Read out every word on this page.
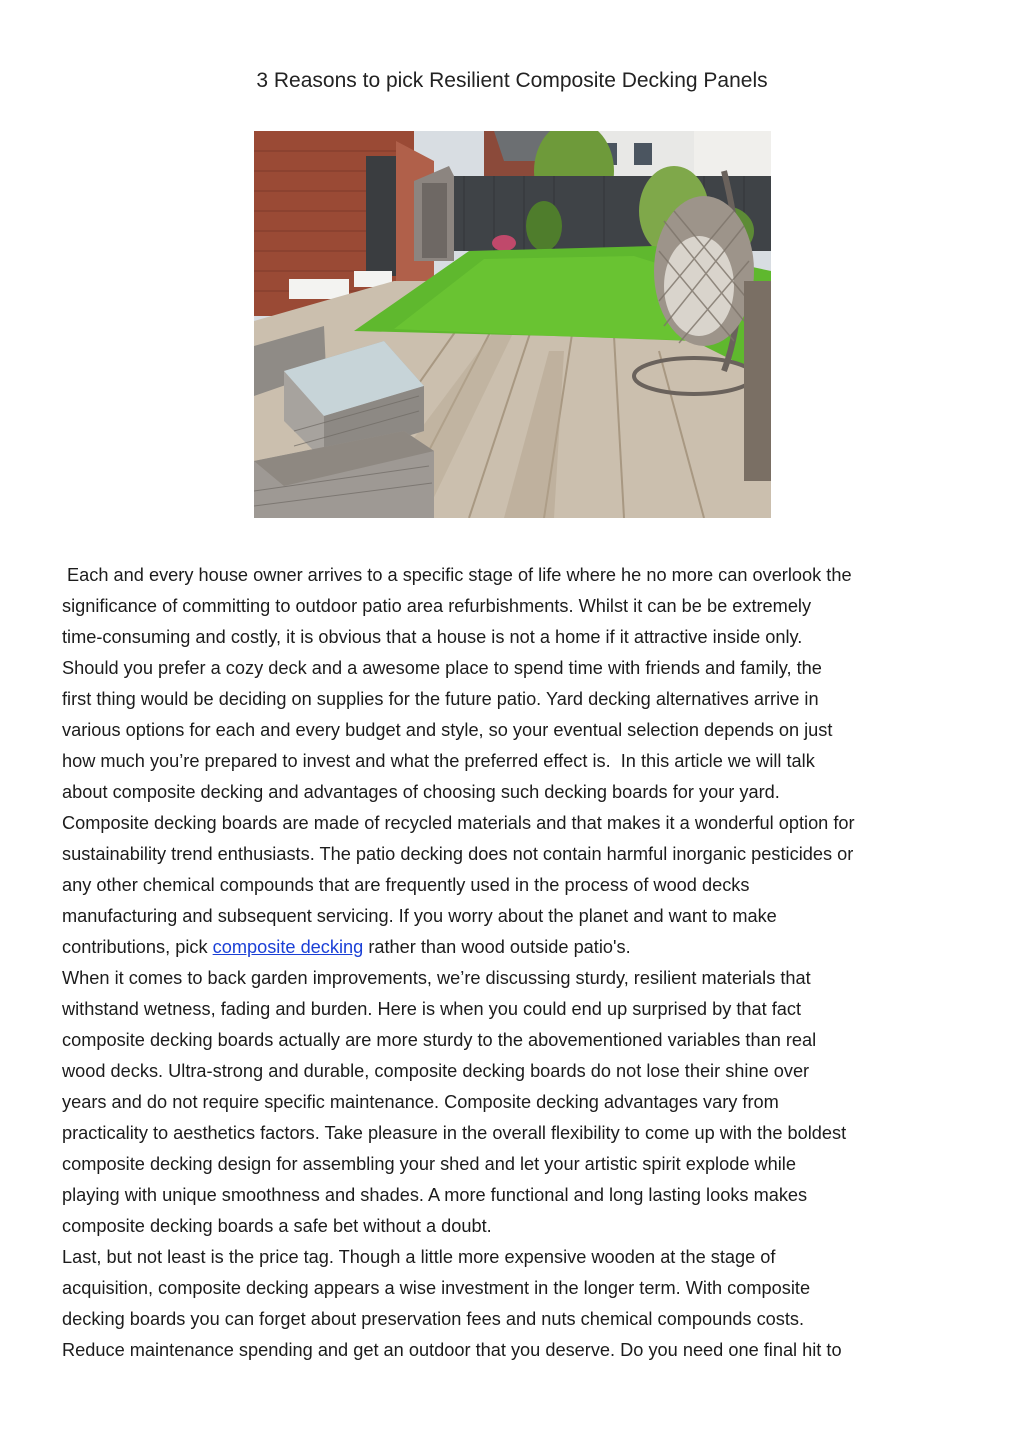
3 Reasons to pick Resilient Composite Decking Panels
Each and every house owner arrives to a specific stage of life where he no more can overlook the
significance of committing to outdoor patio area refurbishments. Whilst it can be be extremely
time-consuming and costly, it is obvious that a house is not a home if it attractive inside only.
Should you prefer a cozy deck and a awesome place to spend time with friends and family, the
first thing would be deciding on supplies for the future patio. Yard decking alternatives arrive in
various options for each and every budget and style, so your eventual selection depends on just
how much you’re prepared to invest and what the preferred effect is.  In this article we will talk
about composite decking and advantages of choosing such decking boards for your yard.
Composite decking boards are made of recycled materials and that makes it a wonderful option for
sustainability trend enthusiasts. The patio decking does not contain harmful inorganic pesticides or
any other chemical compounds that are frequently used in the process of wood decks
manufacturing and subsequent servicing. If you worry about the planet and want to make
contributions, pick composite decking rather than wood outside patio's.
When it comes to back garden improvements, we’re discussing sturdy, resilient materials that
withstand wetness, fading and burden. Here is when you could end up surprised by that fact
composite decking boards actually are more sturdy to the abovementioned variables than real
wood decks. Ultra-strong and durable, composite decking boards do not lose their shine over
years and do not require specific maintenance. Composite decking advantages vary from
practicality to aesthetics factors. Take pleasure in the overall flexibility to come up with the boldest
composite decking design for assembling your shed and let your artistic spirit explode while
playing with unique smoothness and shades. A more functional and long lasting looks makes
composite decking boards a safe bet without a doubt.
Last, but not least is the price tag. Though a little more expensive wooden at the stage of
acquisition, composite decking appears a wise investment in the longer term. With composite
decking boards you can forget about preservation fees and nuts chemical compounds costs.
Reduce maintenance spending and get an outdoor that you deserve. Do you need one final hit to
